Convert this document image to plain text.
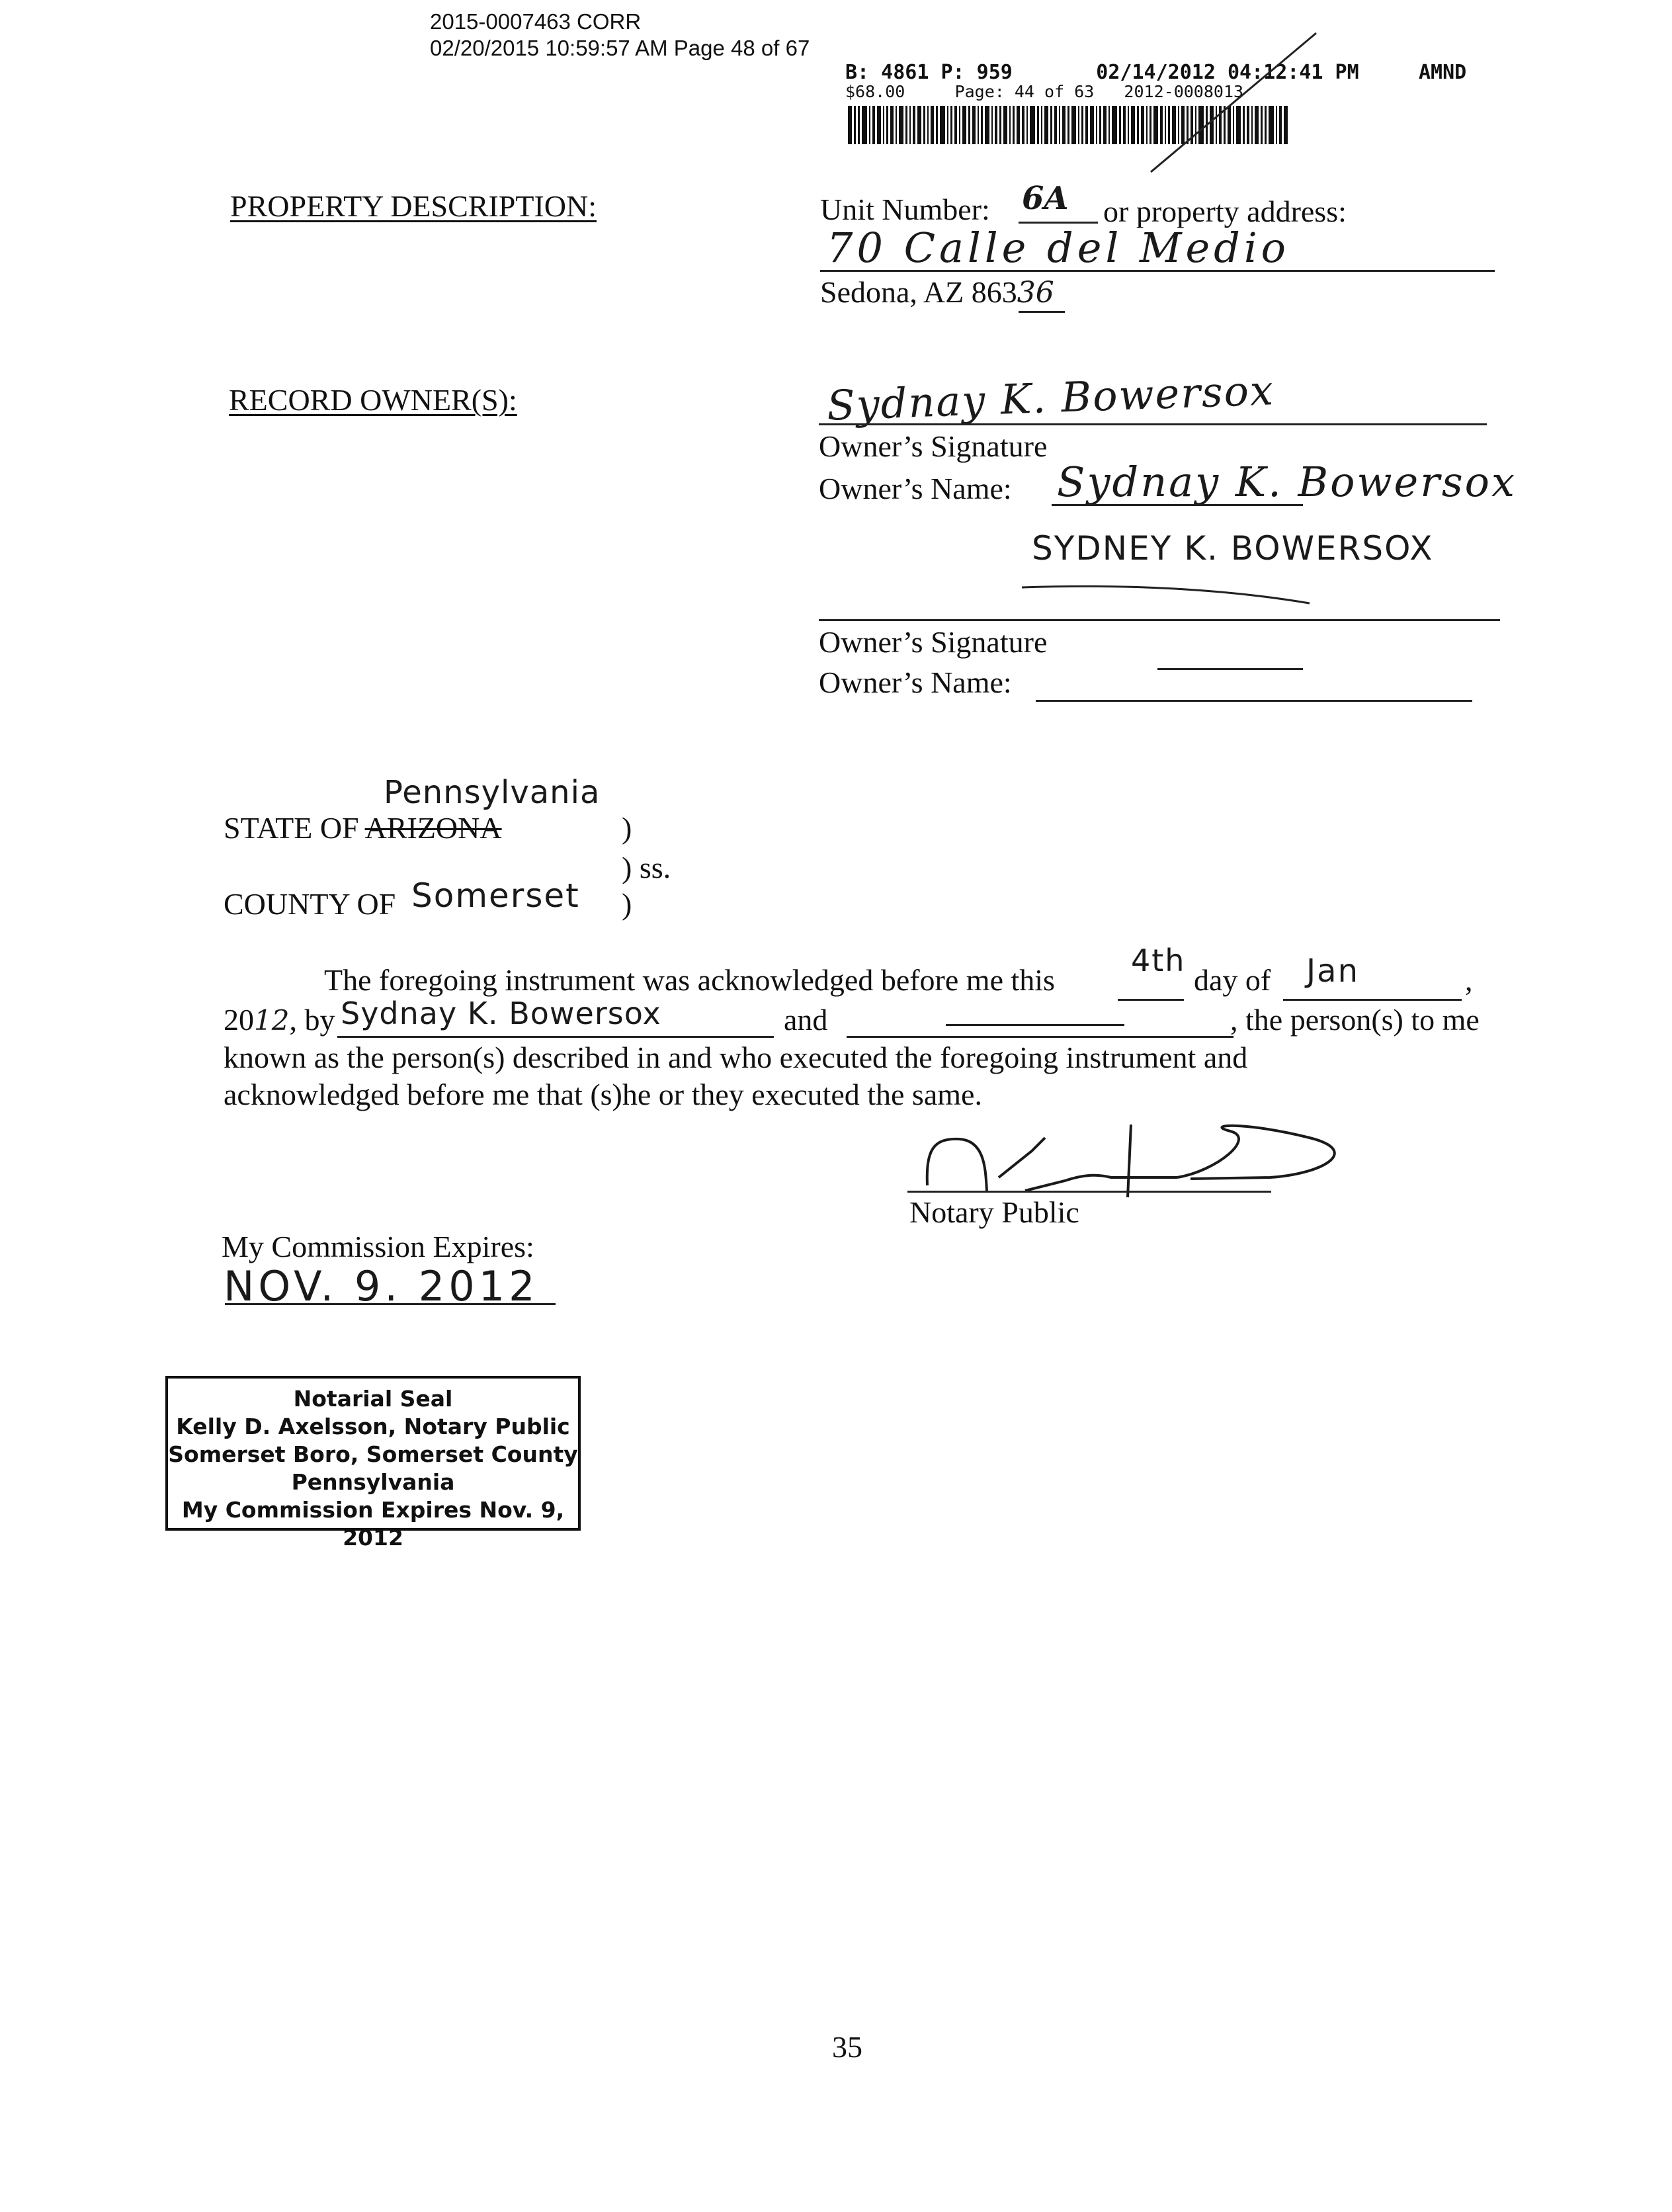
2015-0007463 CORR
02/20/2015 10:59:57 AM Page 48 of 67
B: 4861 P: 959       02/14/2012 04:12:41 PM     AMND
$68.00     Page: 44 of 63   2012-0008013
PROPERTY DESCRIPTION:	Unit Number: 6A or property address:
70 Calle del Medio
Sedona, AZ 86336
RECORD OWNER(S):	Sydnay K. Bowersox
Owner’s Signature
Owner’s Name: Sydnay K. Bowersox
SYDNEY K. BOWERSOX
Owner’s Signature
Owner’s Name:
Pennsylvania
STATE OF ARIZONA	)
) ss.
COUNTY OF Somerset )
The foregoing instrument was acknowledged before me this
4th
day of Jan	,
2012, by Sydnay K. Bowersox	and	, the person(s) to me
known as the person(s) described in and who executed the foregoing instrument and
acknowledged before me that (s)he or they executed the same.
Notary Public
My Commission Expires:
NOV. 9. 2012
Notarial Seal
Kelly D. Axelsson, Notary Public
Somerset Boro, Somerset County
Pennsylvania
My Commission Expires Nov. 9, 2012
35
